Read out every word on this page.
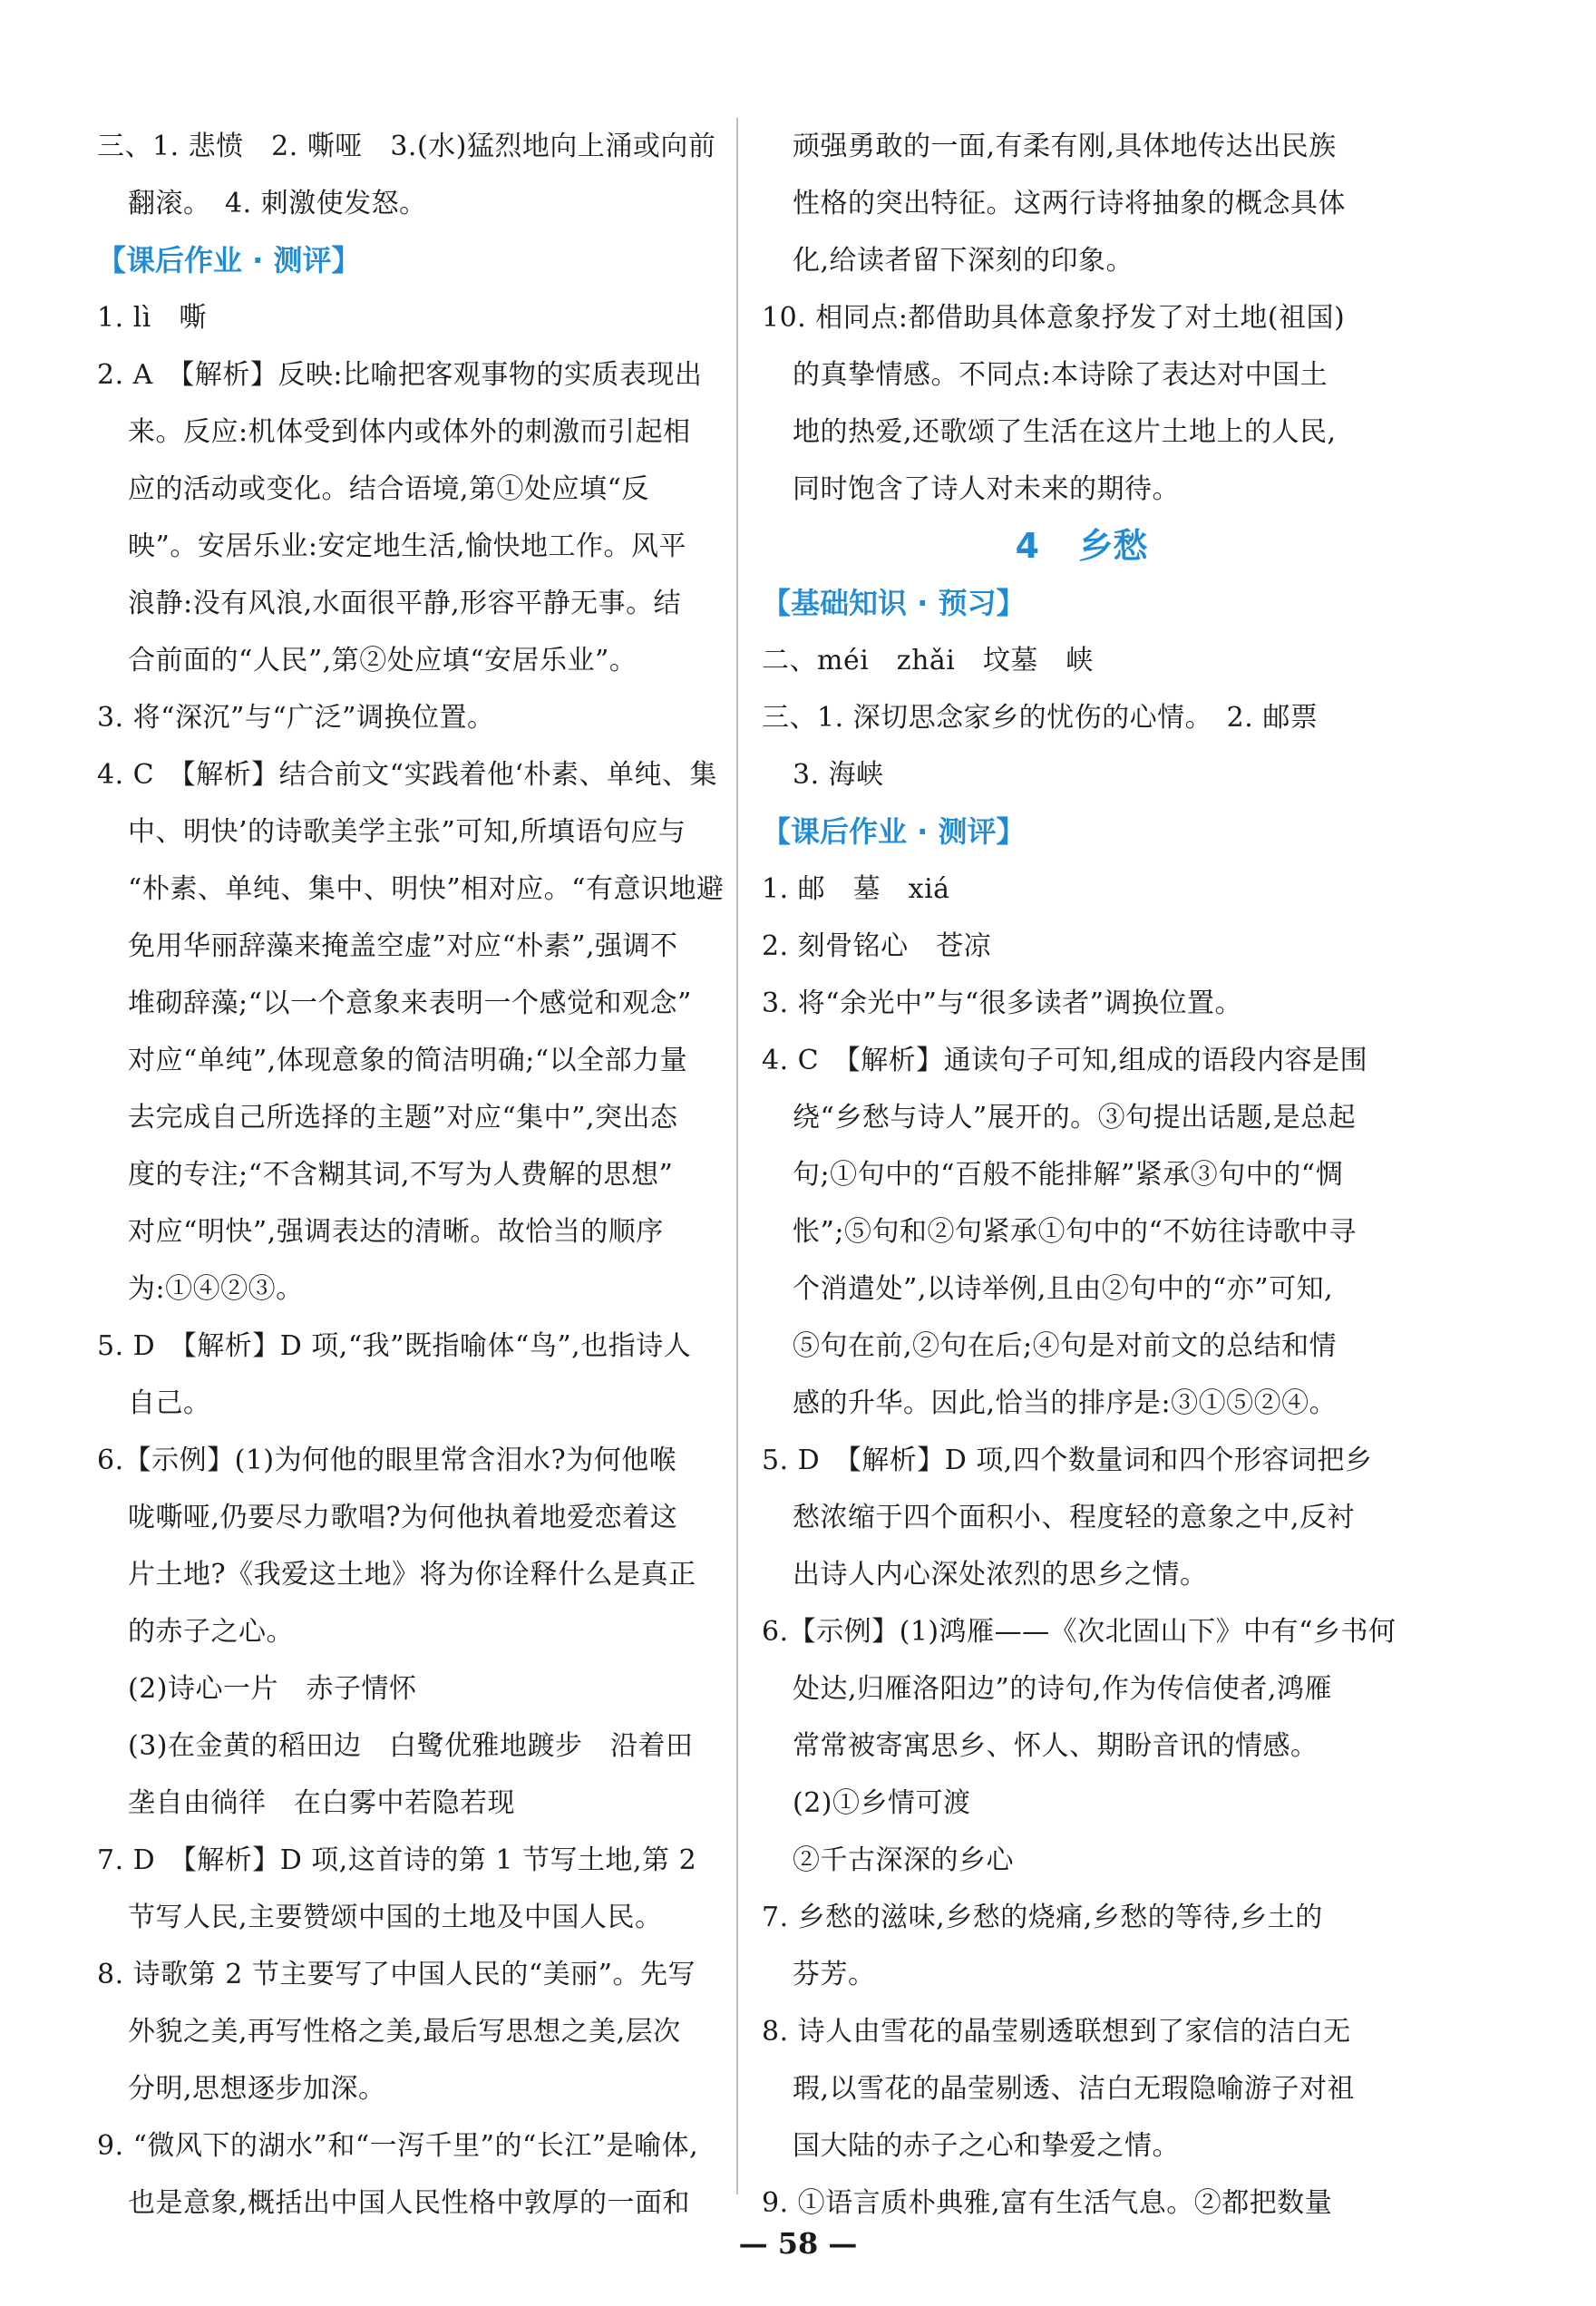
三、1. 悲愤　2. 嘶哑　3.(水)猛烈地向上涌或向前
翻滚。　4. 刺激使发怒。
【课后作业 · 测评】
1. lì　嘶
2. A　【解析】反映:比喻把客观事物的实质表现出
来。反应:机体受到体内或体外的刺激而引起相
应的活动或变化。结合语境,第①处应填“反
映”。安居乐业:安定地生活,愉快地工作。风平
浪静:没有风浪,水面很平静,形容平静无事。结
合前面的“人民”,第②处应填“安居乐业”。
3. 将“深沉”与“广泛”调换位置。
4. C　【解析】结合前文“实践着他‘朴素、单纯、集
中、明快’的诗歌美学主张”可知,所填语句应与
“朴素、单纯、集中、明快”相对应。“有意识地避
免用华丽辞藻来掩盖空虚”对应“朴素”,强调不
堆砌辞藻;“以一个意象来表明一个感觉和观念”
对应“单纯”,体现意象的简洁明确;“以全部力量
去完成自己所选择的主题”对应“集中”,突出态
度的专注;“不含糊其词,不写为人费解的思想”
对应“明快”,强调表达的清晰。故恰当的顺序
为:①④②③。
5. D　【解析】D 项,“我”既指喻体“鸟”,也指诗人
自己。
6.【示例】(1)为何他的眼里常含泪水?为何他喉
咙嘶哑,仍要尽力歌唱?为何他执着地爱恋着这
片土地?《我爱这土地》将为你诠释什么是真正
的赤子之心。
(2)诗心一片　赤子情怀
(3)在金黄的稻田边　白鹭优雅地踱步　沿着田
垄自由徜徉　在白雾中若隐若现
7. D　【解析】D 项,这首诗的第 1 节写土地,第 2
节写人民,主要赞颂中国的土地及中国人民。
8. 诗歌第 2 节主要写了中国人民的“美丽”。先写
外貌之美,再写性格之美,最后写思想之美,层次
分明,思想逐步加深。
9. “微风下的湖水”和“一泻千里”的“长江”是喻体,
也是意象,概括出中国人民性格中敦厚的一面和
顽强勇敢的一面,有柔有刚,具体地传达出民族
性格的突出特征。这两行诗将抽象的概念具体
化,给读者留下深刻的印象。
10. 相同点:都借助具体意象抒发了对土地(祖国)
的真挚情感。不同点:本诗除了表达对中国土
地的热爱,还歌颂了生活在这片土地上的人民,
同时饱含了诗人对未来的期待。
4 乡愁
【基础知识 · 预习】
二、méi　zhǎi　坟墓　峡
三、1. 深切思念家乡的忧伤的心情。　2. 邮票
3. 海峡
【课后作业 · 测评】
1. 邮　墓　xiá
2. 刻骨铭心　苍凉
3. 将“余光中”与“很多读者”调换位置。
4. C　【解析】通读句子可知,组成的语段内容是围
绕“乡愁与诗人”展开的。③句提出话题,是总起
句;①句中的“百般不能排解”紧承③句中的“惆
怅”;⑤句和②句紧承①句中的“不妨往诗歌中寻
个消遣处”,以诗举例,且由②句中的“亦”可知,
⑤句在前,②句在后;④句是对前文的总结和情
感的升华。因此,恰当的排序是:③①⑤②④。
5. D　【解析】D 项,四个数量词和四个形容词把乡
愁浓缩于四个面积小、程度轻的意象之中,反衬
出诗人内心深处浓烈的思乡之情。
6.【示例】(1)鸿雁——《次北固山下》中有“乡书何
处达,归雁洛阳边”的诗句,作为传信使者,鸿雁
常常被寄寓思乡、怀人、期盼音讯的情感。
(2)①乡情可渡
②千古深深的乡心
7. 乡愁的滋味,乡愁的烧痛,乡愁的等待,乡土的
芬芳。
8. 诗人由雪花的晶莹剔透联想到了家信的洁白无
瑕,以雪花的晶莹剔透、洁白无瑕隐喻游子对祖
国大陆的赤子之心和挚爱之情。
9. ①语言质朴典雅,富有生活气息。②都把数量
— 58 —
